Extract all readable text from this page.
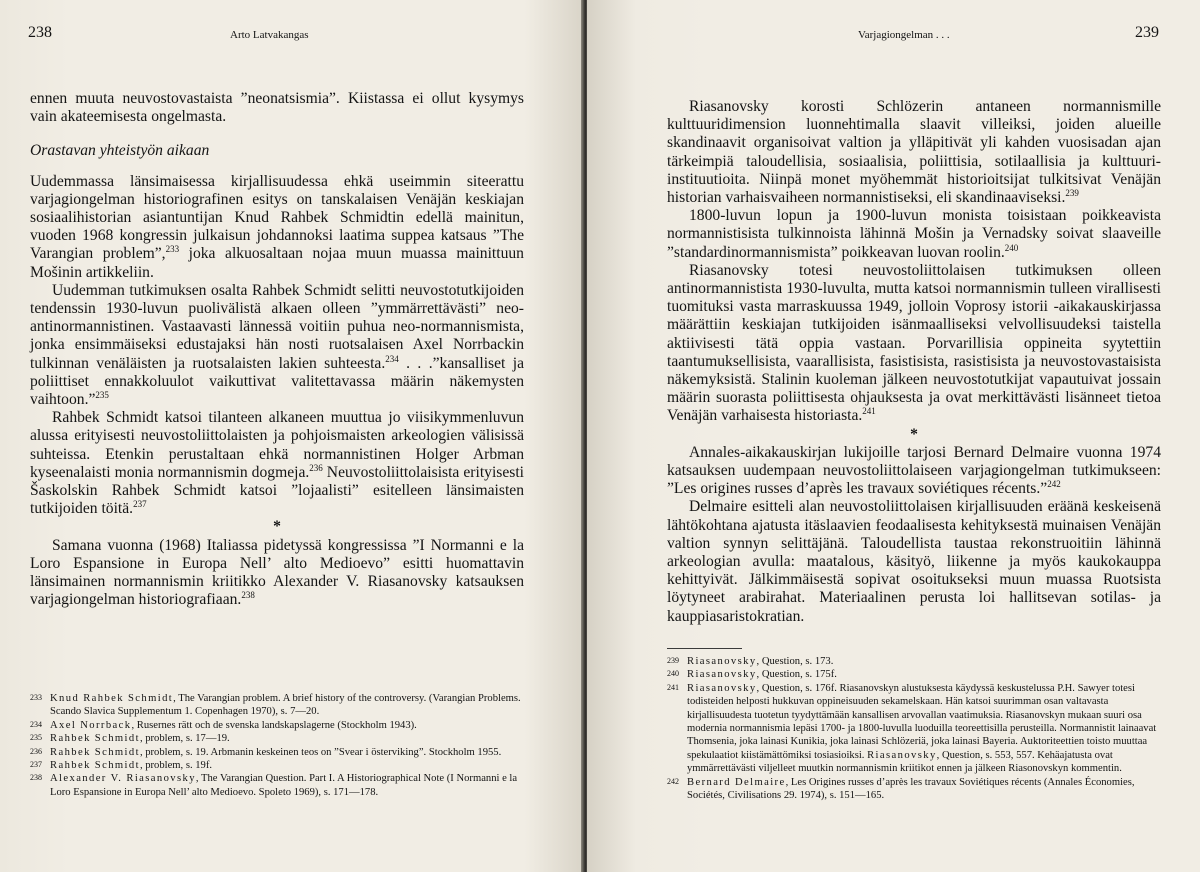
238	Arto Latvakangas

ennen muuta neuvostovastaista ”neonatsismia”. Kiistassa ei ollut kysymys vain akateemisesta ongelmasta.

Orastavan yhteistyön aikaan

Uudemmassa länsimaisessa kirjallisuudessa ehkä useimmin siteerattu varjagiongelman historiografinen esitys on tanskalaisen Venäjän keskiajan sosiaalihistorian asiantuntijan Knud Rahbek Schmidtin edellä mainitun, vuoden 1968 kongressin julkaisun johdannoksi laatima suppea katsaus ”The Varangian problem”,$^{233}$ joka alkuosaltaan nojaa muun muassa mainittuun Mošinin artikkeliin.

Uudemman tutkimuksen osalta Rahbek Schmidt selitti neuvostotutkijoiden tendenssin 1930-luvun puolivälistä alkaen olleen ”ymmärrettävästi” neo-antinormannistinen. Vastaavasti lännessä voitiin puhua neo-normannismista, jonka ensimmäiseksi edustajaksi hän nosti ruotsalaisen Axel Norrbackin tulkinnan venäläisten ja ruotsalaisten lakien suhteesta.$^{234}$ . . .”kansalliset ja poliittiset ennakkoluulot vaikuttivat valitettavassa määrin näkemysten vaihtoon.”$^{235}$

Rahbek Schmidt katsoi tilanteen alkaneen muuttua jo viisikymmenluvun alussa erityisesti neuvostoliittolaisten ja pohjoismaisten arkeologien välisissä suhteissa. Etenkin perustaltaan ehkä normannistinen Holger Arbman kyseenalaisti monia normannismin dogmeja.$^{236}$ Neuvostoliittolaisista erityisesti Šaskolskin Rahbek Schmidt katsoi ”lojaalisti” esitelleen länsimaisten tutkijoiden töitä.$^{237}$

*

Samana vuonna (1968) Italiassa pidetyssä kongressissa ”I Normanni e la Loro Espansione in Europa Nell’ alto Medioevo” esitti huomattavin länsimainen normannismin kriitikko Alexander V. Riasanovsky katsauksen varjagiongelman historiografiaan.$^{238}$

233 Knud Rahbek Schmidt, The Varangian problem. A brief history of the controversy. (Varangian Problems. Scando Slavica Supplementum 1. Copenhagen 1970), s. 7—20.
234 Axel Norrback, Rusernes rätt och de svenska landskapslagerne (Stockholm 1943).
235 Rahbek Schmidt, problem, s. 17—19.
236 Rahbek Schmidt, problem, s. 19. Arbmanin keskeinen teos on ”Svear i österviking”. Stockholm 1955.
237 Rahbek Schmidt, problem, s. 19f.
238 Alexander V. Riasanovsky, The Varangian Question. Part I. A Historiographical Note (I Normanni e la Loro Espansione in Europa Nell’ alto Medioevo. Spoleto 1969), s. 171—178.
Varjagiongelman . . .	239

Riasanovsky korosti Schlözerin antaneen normannismille kulttuuridimension luonnehtimalla slaavit villeiksi, joiden alueille skandinaavit organisoivat valtion ja ylläpitivät yli kahden vuosisadan ajan tärkeimpiä taloudellisia, sosiaalisia, poliittisia, sotilaallisia ja kulttuuri-instituutioita. Niinpä monet myöhemmät historioitsijat tulkitsivat Venäjän historian varhaisvaiheen normannistiseksi, eli skandinaaviseksi.$^{239}$

1800-luvun lopun ja 1900-luvun monista toisistaan poikkeavista normannistisista tulkinnoista lähinnä Mošin ja Vernadsky soivat slaaveille ”standardinormannismista” poikkeavan luovan roolin.$^{240}$

Riasanovsky totesi neuvostoliittolaisen tutkimuksen olleen antinormannistista 1930-luvulta, mutta katsoi normannismin tulleen virallisesti tuomituksi vasta marraskuussa 1949, jolloin Voprosy istorii -aikakauskirjassa määrättiin keskiajan tutkijoiden isänmaalliseksi velvollisuudeksi taistella aktiivisesti tätä oppia vastaan. Porvarillisia oppineita syytettiin taantumuksellisista, vaarallisista, fasistisista, rasistisista ja neuvostovastaisista näkemyksistä. Stalinin kuoleman jälkeen neuvostotutkijat vapautuivat jossain määrin suorasta poliittisesta ohjauksesta ja ovat merkittävästi lisänneet tietoa Venäjän varhaisesta historiasta.$^{241}$

*

Annales-aikakauskirjan lukijoille tarjosi Bernard Delmaire vuonna 1974 katsauksen uudempaan neuvostoliittolaiseen varjagiongelman tutkimukseen: ”Les origines russes d’après les travaux soviétiques récents.”$^{242}$

Delmaire esitteli alan neuvostoliittolaisen kirjallisuuden eräänä keskeisenä lähtökohtana ajatusta itäslaavien feodaalisesta kehityksestä muinaisen Venäjän valtion synnyn selittäjänä. Taloudellista taustaa rekonstruoitiin lähinnä arkeologian avulla: maatalous, käsityö, liikenne ja myös kaukokauppa kehittyivät. Jälkimmäisestä sopivat osoitukseksi muun muassa Ruotsista löytyneet arabirahat. Materiaalinen perusta loi hallitsevan sotilas- ja kauppiasaristokratian.

239 Riasanovsky, Question, s. 173.
240 Riasanovsky, Question, s. 175f.
241 Riasanovsky, Question, s. 176f. Riasanovskyn alustuksesta käydyssä keskustelussa P.H. Sawyer totesi todisteiden helposti hukkuvan oppineisuuden sekamelskaan. Hän katsoi suurimman osan valtavasta kirjallisuudesta tuotetun tyydyttämään kansallisen arvovallan vaatimuksia. Riasanovskyn mukaan suuri osa modernia normannismia lepäsi 1700- ja 1800-luvulla luoduilla teoreettisilla perusteilla. Normannistit lainaavat Thomsenia, joka lainasi Kunikia, joka lainasi Schlözeriä, joka lainasi Bayeria. Auktoriteettien toisto muuttaa spekulaatiot kiistämättömiksi tosiasioiksi. Riasanovsky, Question, s. 553, 557. Kehäajatusta ovat ymmärrettävästi viljelleet muutkin normannismin kriitikot ennen ja jälkeen Riasonovskyn kommentin.
242 Bernard Delmaire, Les Origines russes d’après les travaux Soviétiques récents (Annales Économies, Sociétés, Civilisations 29. 1974), s. 151—165.
